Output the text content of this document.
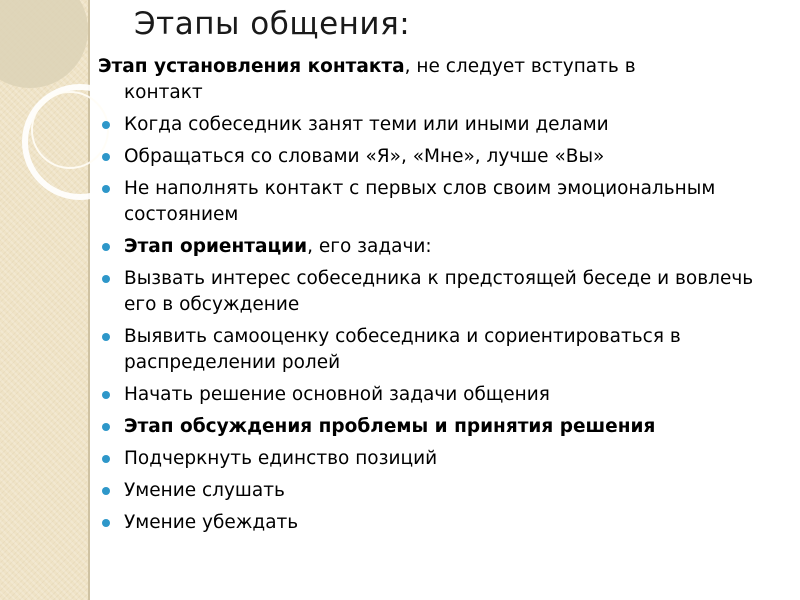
Этапы общения:
Этап установления контакта, не следует вступать в
контакт
Когда собеседник занят теми или иными делами
Обращаться со словами «Я», «Мне», лучше «Вы»
Не наполнять контакт с первых слов своим эмоциональным состоянием
Этап ориентации, его задачи:
Вызвать интерес собеседника к предстоящей беседе и вовлечь его в обсуждение
Выявить самооценку собеседника и сориентироваться в распределении ролей
Начать решение основной задачи общения
Этап обсуждения проблемы и принятия решения
Подчеркнуть единство позиций
Умение слушать
Умение убеждать
